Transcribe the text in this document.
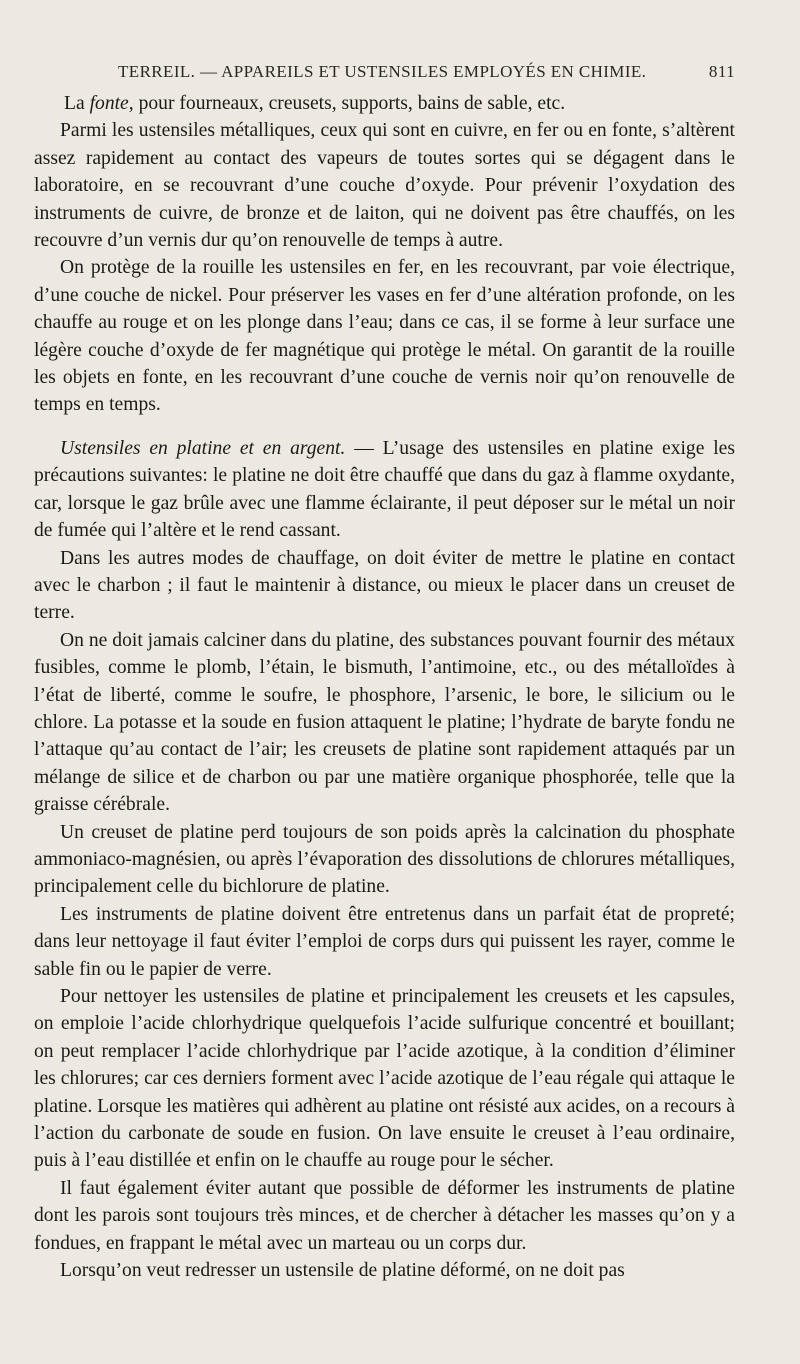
TERREIL. — APPAREILS ET USTENSILES EMPLOYÉS EN CHIMIE.	811

La fonte, pour fourneaux, creusets, supports, bains de sable, etc.

Parmi les ustensiles métalliques, ceux qui sont en cuivre, en fer ou en fonte, s’altèrent assez rapidement au contact des vapeurs de toutes sortes qui se dégagent dans le laboratoire, en se recouvrant d’une couche d’oxyde. Pour prévenir l’oxydation des instruments de cuivre, de bronze et de laiton, qui ne doivent pas être chauffés, on les recouvre d’un vernis dur qu’on renouvelle de temps à autre.

On protège de la rouille les ustensiles en fer, en les recouvrant, par voie électrique, d’une couche de nickel. Pour préserver les vases en fer d’une altération profonde, on les chauffe au rouge et on les plonge dans l’eau; dans ce cas, il se forme à leur surface une légère couche d’oxyde de fer magnétique qui protège le métal. On garantit de la rouille les objets en fonte, en les recouvrant d’une couche de vernis noir qu’on renouvelle de temps en temps.

Ustensiles en platine et en argent. — L’usage des ustensiles en platine exige les précautions suivantes: le platine ne doit être chauffé que dans du gaz à flamme oxydante, car, lorsque le gaz brûle avec une flamme éclairante, il peut déposer sur le métal un noir de fumée qui l’altère et le rend cassant.

Dans les autres modes de chauffage, on doit éviter de mettre le platine en contact avec le charbon ; il faut le maintenir à distance, ou mieux le placer dans un creuset de terre.

On ne doit jamais calciner dans du platine, des substances pouvant fournir des métaux fusibles, comme le plomb, l’étain, le bismuth, l’antimoine, etc., ou des métalloïdes à l’état de liberté, comme le soufre, le phosphore, l’arsenic, le bore, le silicium ou le chlore. La potasse et la soude en fusion attaquent le platine; l’hydrate de baryte fondu ne l’attaque qu’au contact de l’air; les creusets de platine sont rapidement attaqués par un mélange de silice et de charbon ou par une matière organique phosphorée, telle que la graisse cérébrale.

Un creuset de platine perd toujours de son poids après la calcination du phosphate ammoniaco-magnésien, ou après l’évaporation des dissolutions de chlorures métalliques, principalement celle du bichlorure de platine.

Les instruments de platine doivent être entretenus dans un parfait état de propreté; dans leur nettoyage il faut éviter l’emploi de corps durs qui puissent les rayer, comme le sable fin ou le papier de verre.

Pour nettoyer les ustensiles de platine et principalement les creusets et les capsules, on emploie l’acide chlorhydrique quelquefois l’acide sulfurique concentré et bouillant; on peut remplacer l’acide chlorhydrique par l’acide azotique, à la condition d’éliminer les chlorures; car ces derniers forment avec l’acide azotique de l’eau régale qui attaque le platine. Lorsque les matières qui adhèrent au platine ont résisté aux acides, on a recours à l’action du carbonate de soude en fusion. On lave ensuite le creuset à l’eau ordinaire, puis à l’eau distillée et enfin on le chauffe au rouge pour le sécher.

Il faut également éviter autant que possible de déformer les instruments de platine dont les parois sont toujours très minces, et de chercher à détacher les masses qu’on y a fondues, en frappant le métal avec un marteau ou un corps dur.

Lorsqu’on veut redresser un ustensile de platine déformé, on ne doit pas
